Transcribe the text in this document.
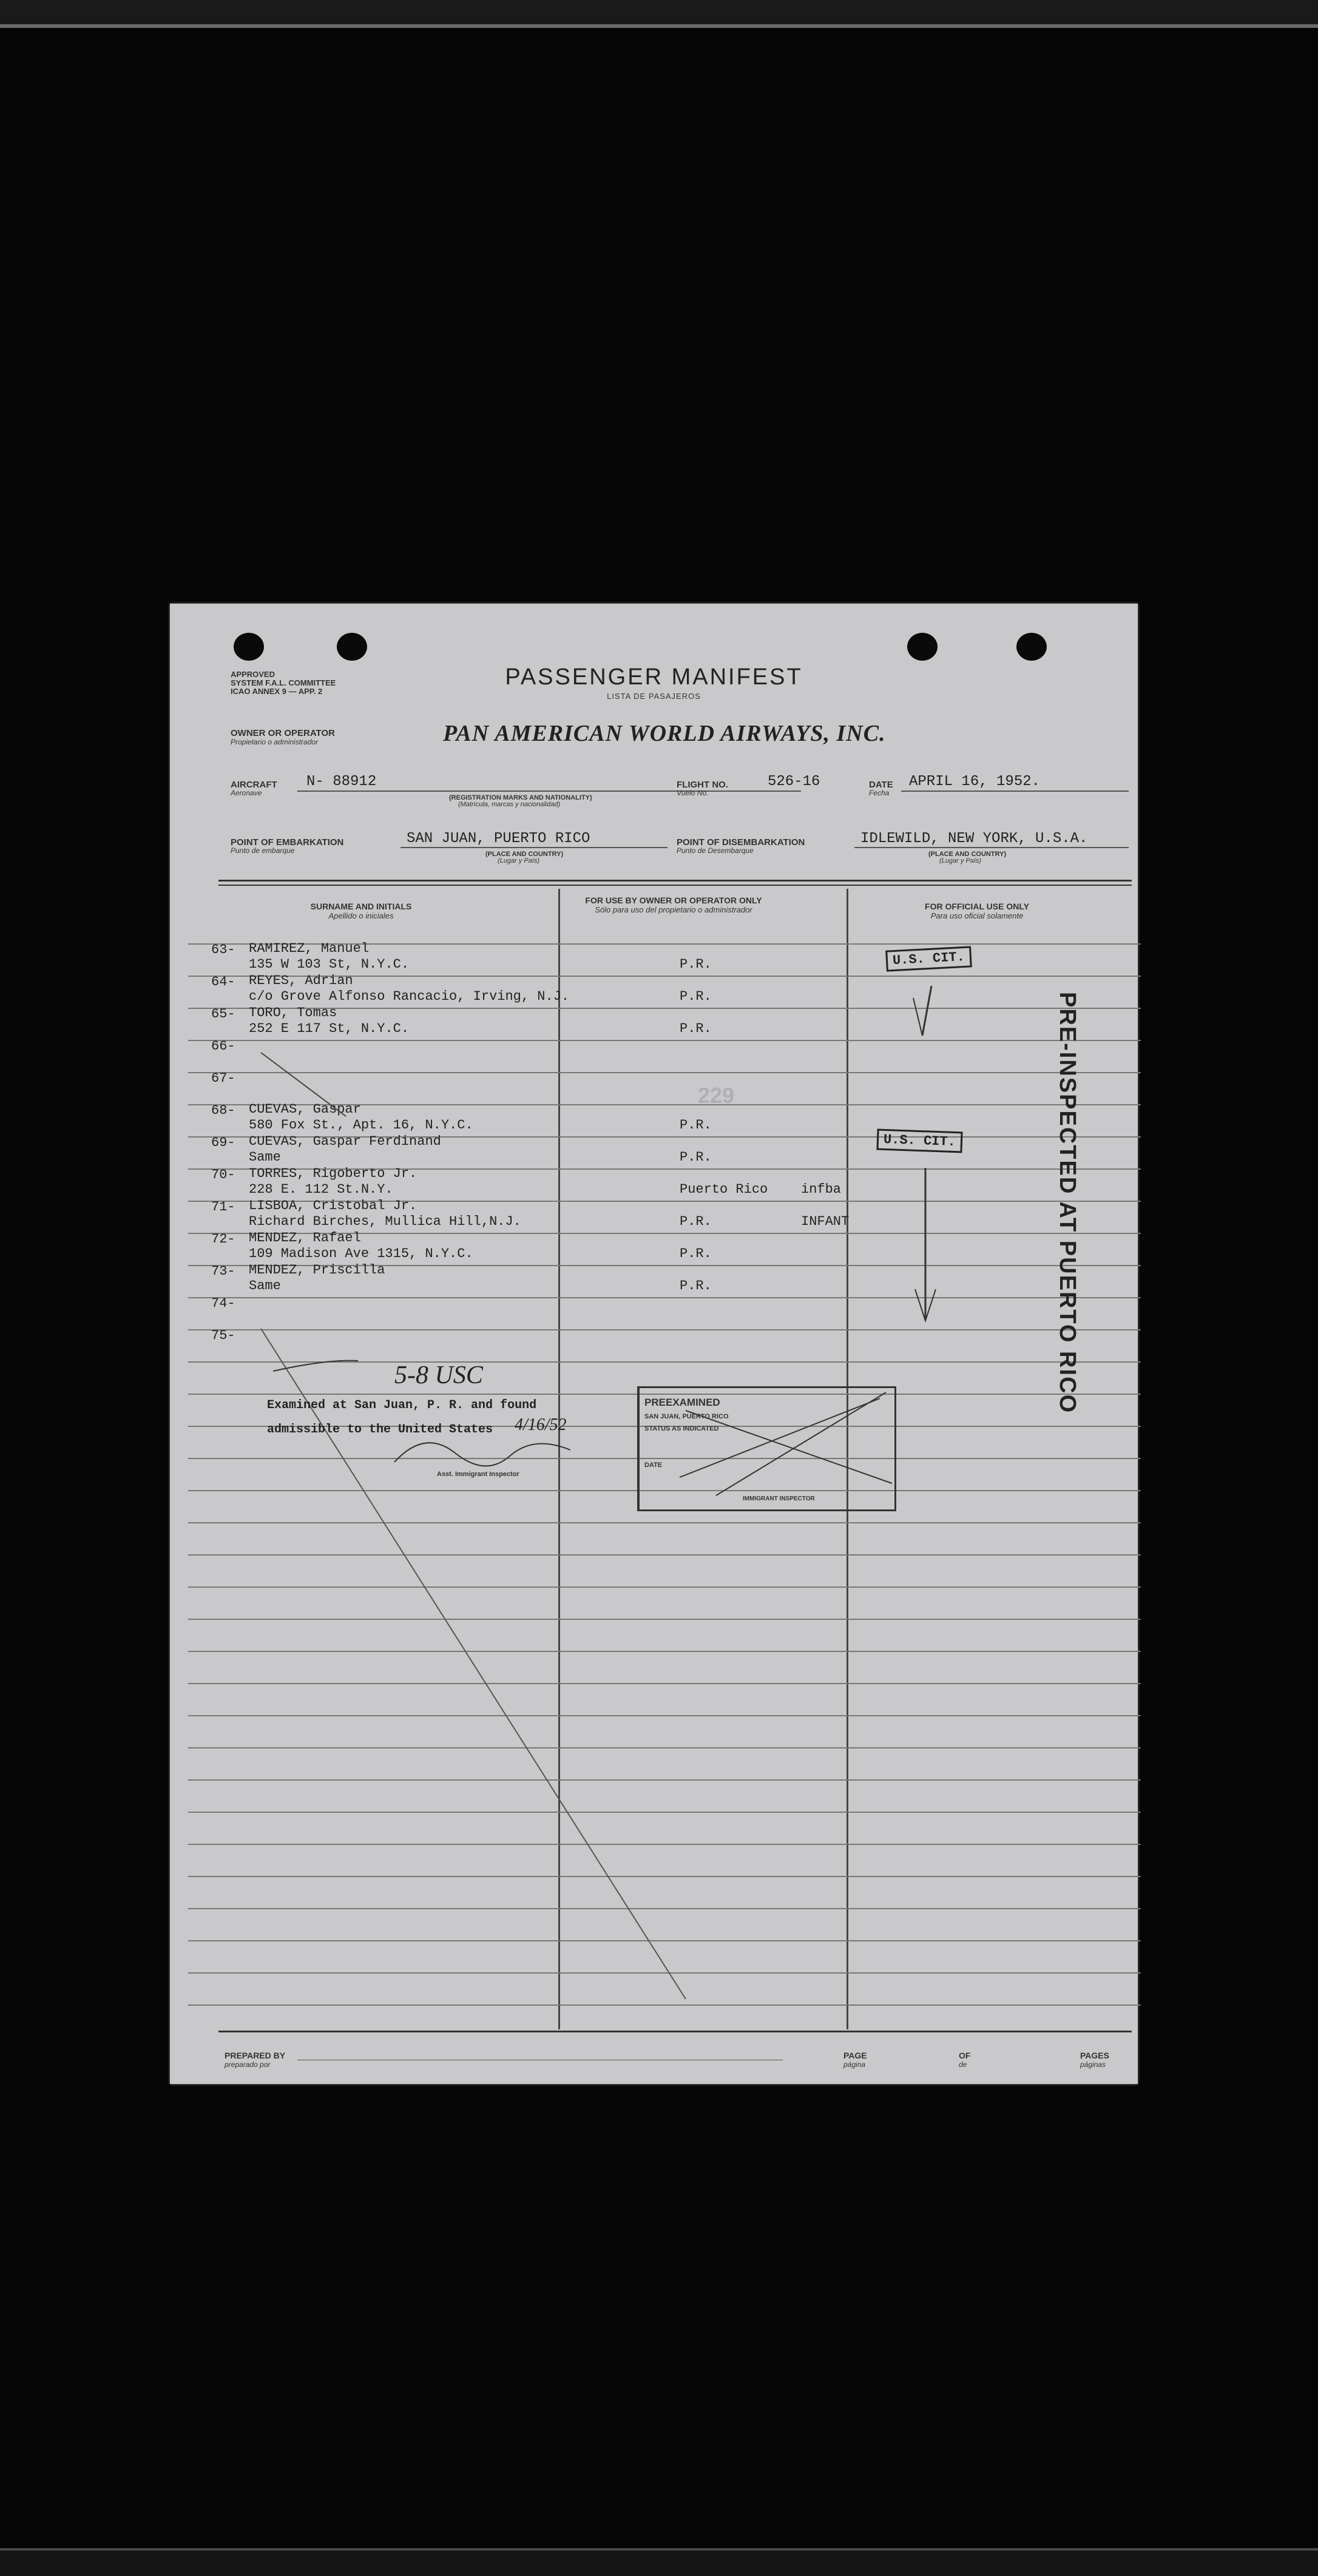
APPROVED
SYSTEM F.A.L. COMMITTEE
ICAO ANNEX 9 — APP. 2
PASSENGER MANIFEST
LISTA DE PASAJEROS
OWNER OR OPERATOR
Propietario o administrador	PAN AMERICAN WORLD AIRWAYS, INC.
AIRCRAFT
Aeronave
N- 88912
(REGISTRATION MARKS AND NATIONALITY)
(Matrícula, marcas y nacionalidad)
FLIGHT NO.
Vuelo No.
526-16	DATE
Fecha
APRIL 16, 1952.
POINT OF EMBARKATION
Punto de embarque
SAN JUAN, PUERTO RICO
(PLACE AND COUNTRY)
(Lugar y País)
POINT OF DISEMBARKATION
Punto de Desembarque
IDLEWILD, NEW YORK, U.S.A.
(PLACE AND COUNTRY)
(Lugar y País)
SURNAME AND INITIALS
Apellido o iniciales
FOR USE BY OWNER OR OPERATOR ONLY
Sólo para uso del propietario o administrador	FOR OFFICIAL USE ONLY
Para uso oficial solamente
63- RAMIREZ, Manuel
135 W 103 St, N.Y.C.	P.R.
64- REYES, Adrian
c/o Grove Alfonso Rancacio, Irving, N.J.	P.R.
65- TORO, Tomas
252 E 117 St, N.Y.C.	P.R.
66-
67-
68- CUEVAS, Gaspar
580 Fox St., Apt. 16, N.Y.C.	P.R.
69- CUEVAS, Gaspar Ferdinand
Same	P.R.
70- TORRES, Rigoberto Jr.
228 E. 112 St.N.Y.	Puerto Rico infba
71- LISBOA, Cristobal Jr.
Richard Birches, Mullica Hill,N.J.	P.R.	INFANT
72- MENDEZ, Rafael
109 Madison Ave 1315, N.Y.C.	P.R.
73- MENDEZ, Priscilla
Same	P.R.
74-
75-
U.S. CIT.
U.S. CIT.	PRE-INSPECTED AT PUERTO RICO
229
5-8 USC
Examined at San Juan, P. R. and found
admissible to the United States 4/16/52
Asst. Immigrant Inspector
PREEXAMINED
SAN JUAN, PUERTO RICO
STATUS AS INDICATED
DATE
IMMIGRANT INSPECTOR
PREPARED BY
preparado por
PAGE
página
OF
de
PAGES
páginas
